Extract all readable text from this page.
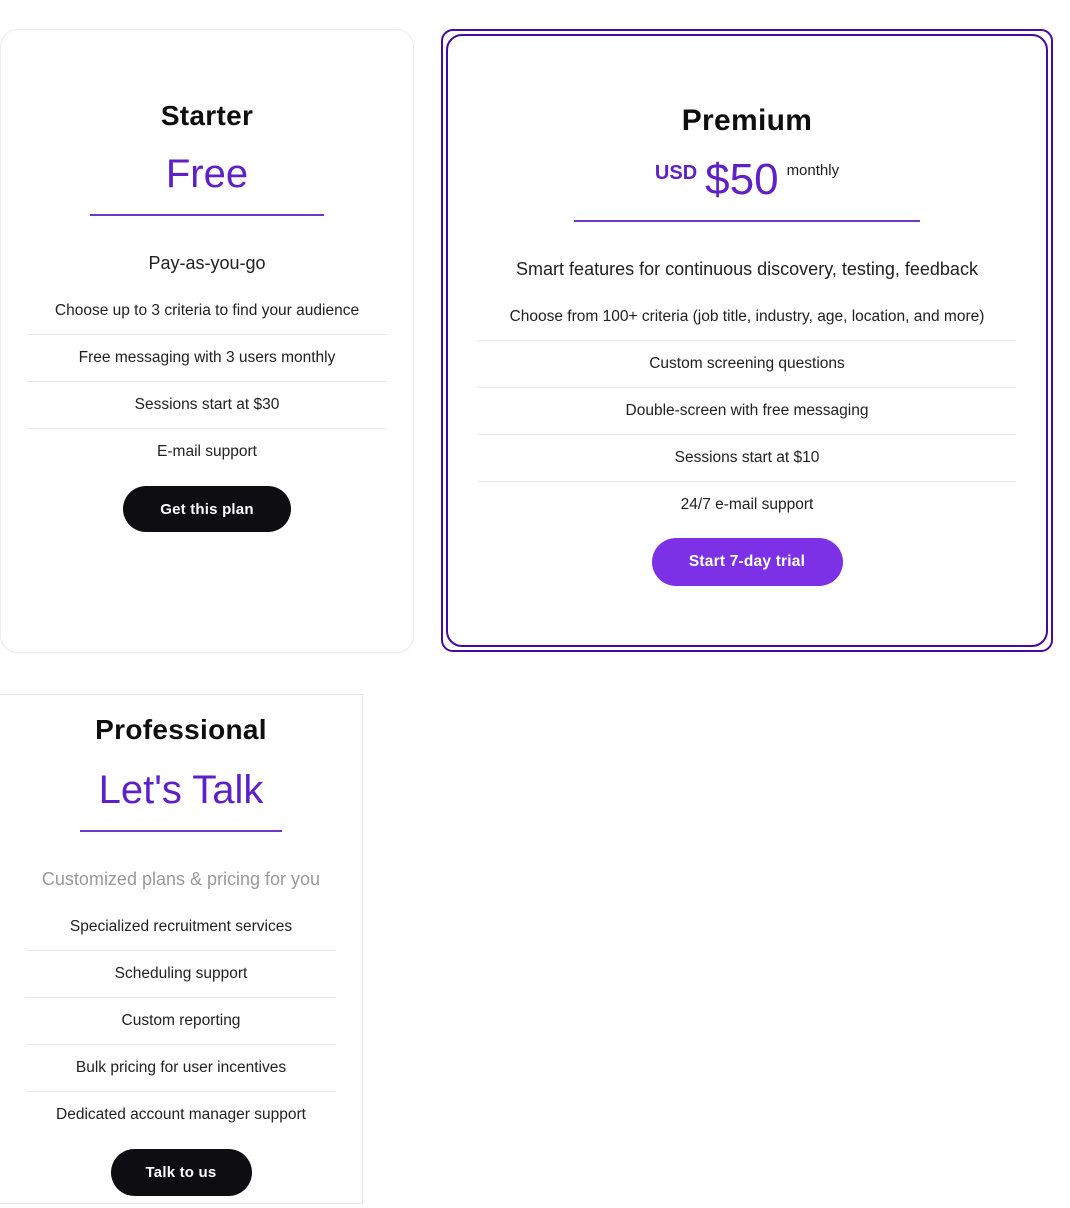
Starter
Free
Pay-as-you-go
Choose up to 3 criteria to find your audience
Free messaging with 3 users monthly
Sessions start at $30
E-mail support
Get this plan
Premium
USD $50 monthly
Smart features for continuous discovery, testing, feedback
Choose from 100+ criteria (job title, industry, age, location, and more)
Custom screening questions
Double-screen with free messaging
Sessions start at $10
24/7 e-mail support
Start 7-day trial
Professional
Let's Talk
Customized plans & pricing for you
Specialized recruitment services
Scheduling support
Custom reporting
Bulk pricing for user incentives
Dedicated account manager support
Talk to us
